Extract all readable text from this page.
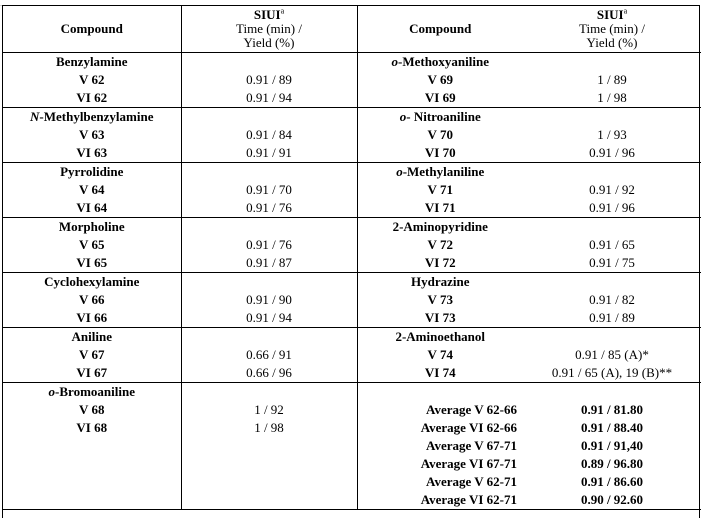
Compound	SIUI$^a$
Time (min) /
Yield (%)	Compound	SIUI$^a$
Time (min) /
Yield (%)
Benzylamine		o-Methoxyaniline	
V 62	0.91 / 89	V 69	1 / 89
VI 62	0.91 / 94	VI 69	1 / 98
N-Methylbenzylamine		o- Nitroaniline	
V 63	0.91 / 84	V 70	1 / 93
VI 63	0.91 / 91	VI 70	0.91 / 96
Pyrrolidine		o-Methylaniline	
V 64	0.91 / 70	V 71	0.91 / 92
VI 64	0.91 / 76	VI 71	0.91 / 96
Morpholine		2-Aminopyridine	
V 65	0.91 / 76	V 72	0.91 / 65
VI 65	0.91 / 87	VI 72	0.91 / 75
Cyclohexylamine		Hydrazine	
V 66	0.91 / 90	V 73	0.91 / 82
VI 66	0.91 / 94	VI 73	0.91 / 89
Aniline		2-Aminoethanol	
V 67	0.66 / 91	V 74	0.91 / 85 (A)*
VI 67	0.66 / 96	VI 74	0.91 / 65 (A), 19 (B)**
o-Bromoaniline			
V 68	1 / 92	Average V 62-66	0.91 / 81.80
VI 68	1 / 98	Average VI 62-66	0.91 / 88.40
		Average V 67-71	0.91 / 91,40
		Average VI 67-71	0.89 / 96.80
		Average V 62-71	0.91 / 86.60
		Average VI 62-71	0.90 / 92.60
